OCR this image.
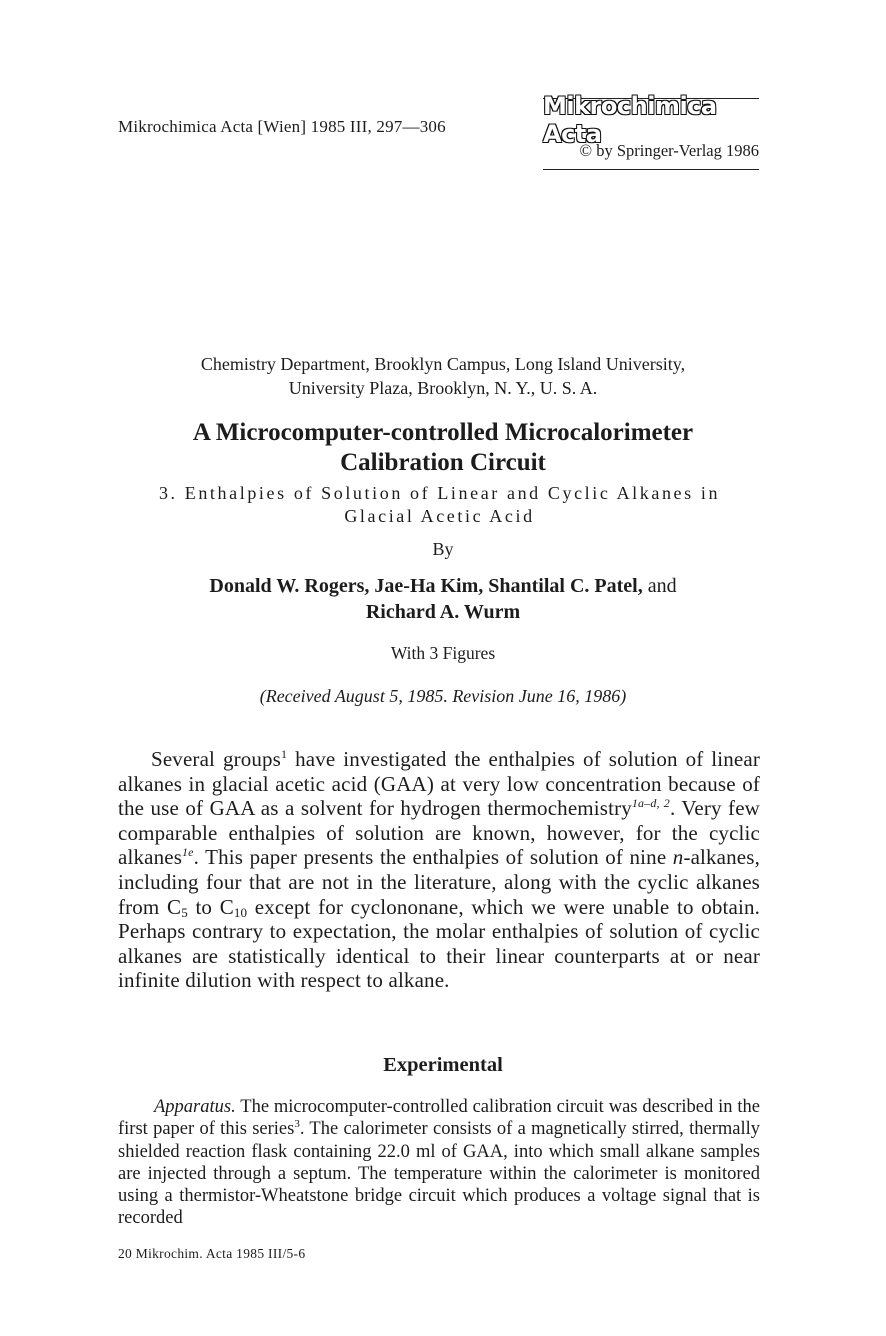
Mikrochimica Acta [Wien] 1985 III, 297—306
Mikrochimica Acta
© by Springer-Verlag 1986
Chemistry Department, Brooklyn Campus, Long Island University,
University Plaza, Brooklyn, N. Y., U. S. A.
A Microcomputer-controlled Microcalorimeter
Calibration Circuit
3. Enthalpies of Solution of Linear and Cyclic Alkanes in
Glacial Acetic Acid
By
Donald W. Rogers, Jae-Ha Kim, Shantilal C. Patel, and
Richard A. Wurm
With 3 Figures
(Received August 5, 1985. Revision June 16, 1986)
Several groups$^1$ have investigated the enthalpies of solution of linear alkanes in glacial acetic acid (GAA) at very low concentration because of the use of GAA as a solvent for hydrogen thermochemistry$^{1a-d, 2}$. Very few comparable enthalpies of solution are known, however, for the cyclic alkanes$^{1e}$. This paper presents the enthalpies of solution of nine n-alkanes, including four that are not in the literature, along with the cyclic alkanes from $C_5$ to $C_{10}$ except for cyclononane, which we were unable to obtain. Perhaps contrary to expectation, the molar enthalpies of solution of cyclic alkanes are statistically identical to their linear counterparts at or near infinite dilution with respect to alkane.
Experimental
Apparatus. The microcomputer-controlled calibration circuit was described in the first paper of this series$^3$. The calorimeter consists of a magnetically stirred, thermally shielded reaction flask containing 22.0 ml of GAA, into which small alkane samples are injected through a septum. The temperature within the calorimeter is monitored using a thermistor-Wheatstone bridge circuit which produces a voltage signal that is recorded
20 Mikrochim. Acta 1985 III/5-6
